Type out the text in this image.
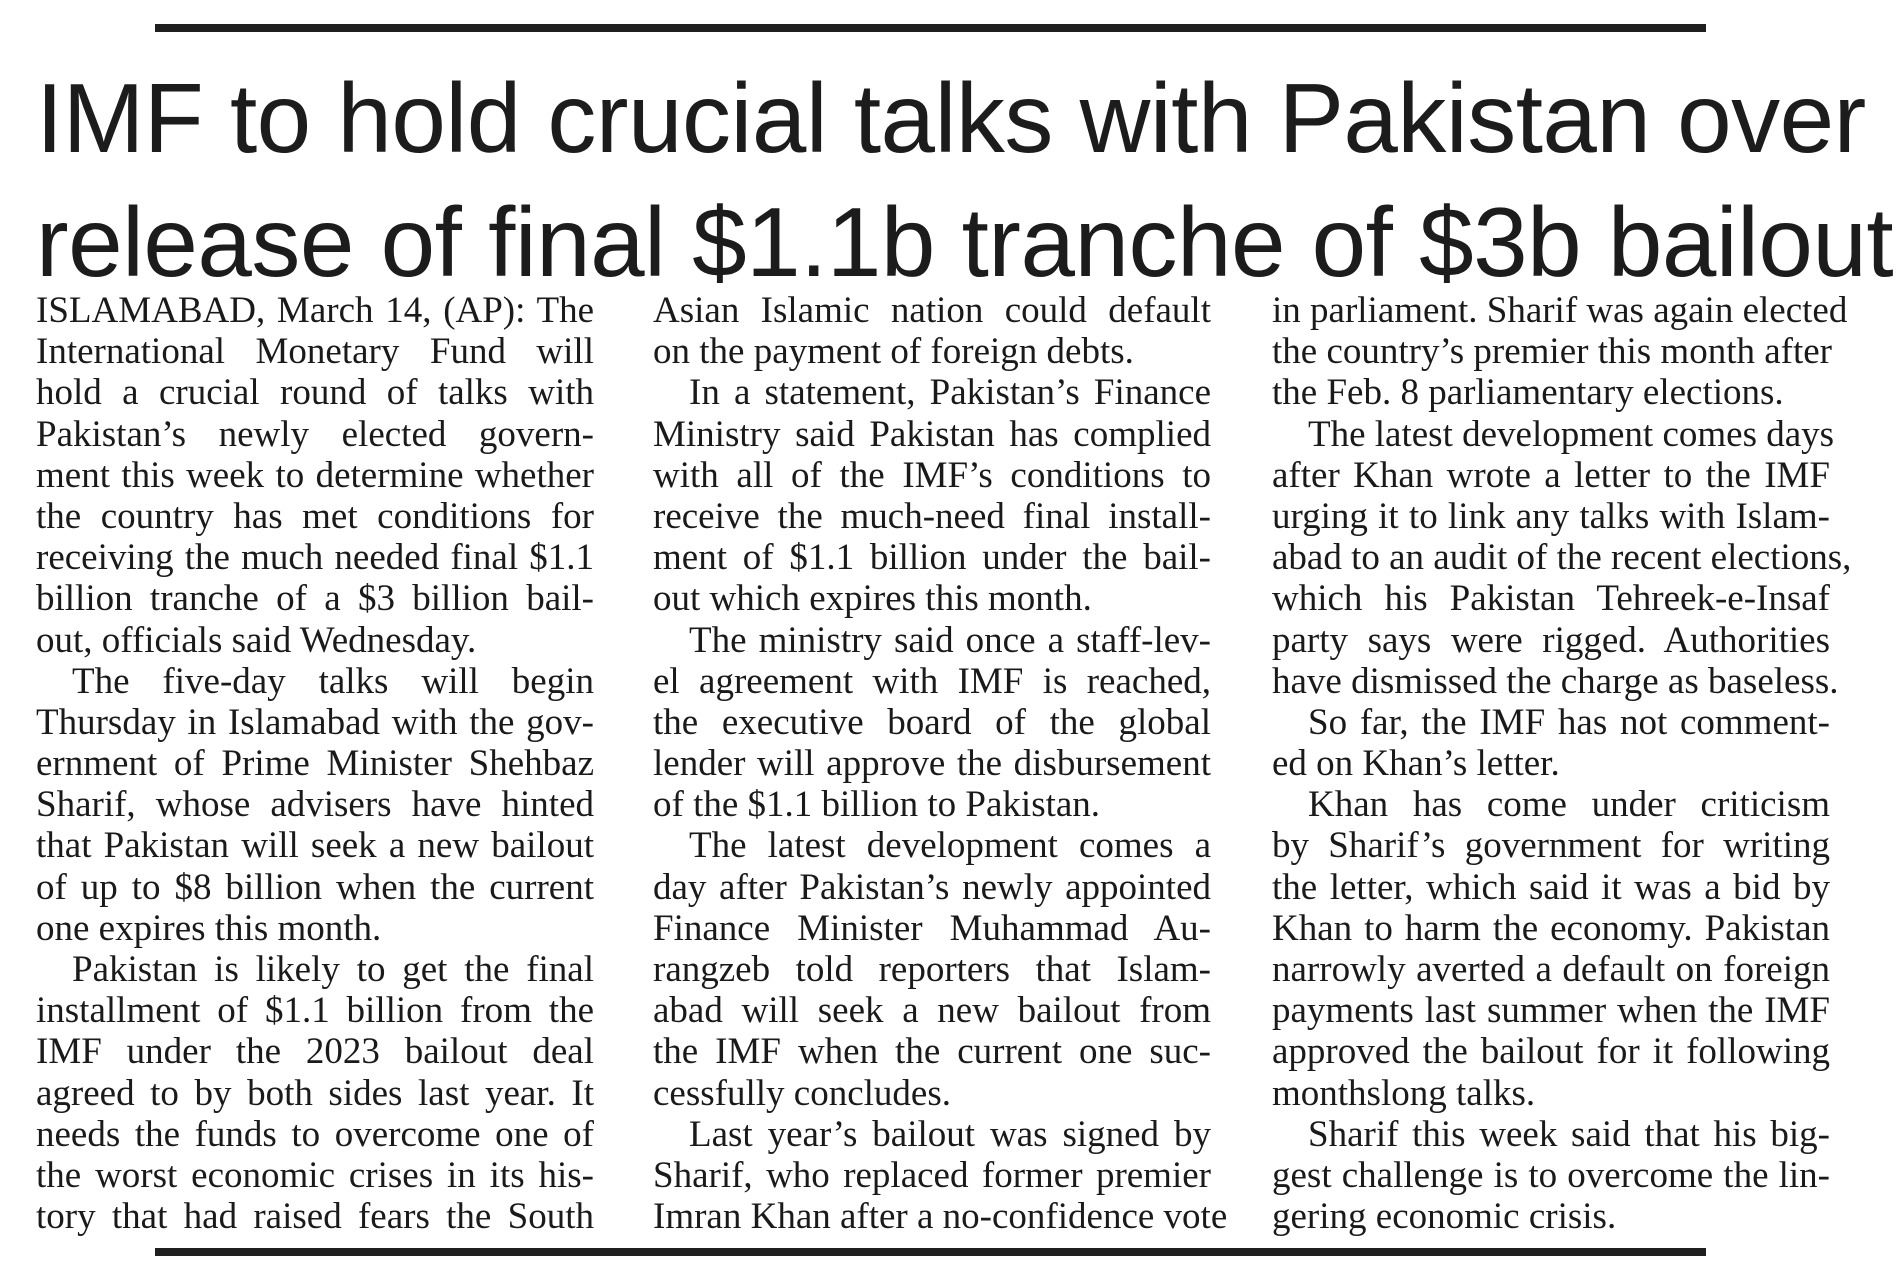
IMF to hold crucial talks with Pakistan over
release of final $1.1b tranche of $3b bailout
ISLAMABAD, March 14, (AP): The
International Monetary Fund will
hold a crucial round of talks with
Pakistan’s newly elected govern-
ment this week to determine whether
the country has met conditions for
receiving the much needed final $1.1
billion tranche of a $3 billion bail-
out, officials said Wednesday.
The five-day talks will begin
Thursday in Islamabad with the gov-
ernment of Prime Minister Shehbaz
Sharif, whose advisers have hinted
that Pakistan will seek a new bailout
of up to $8 billion when the current
one expires this month.
Pakistan is likely to get the final
installment of $1.1 billion from the
IMF under the 2023 bailout deal
agreed to by both sides last year. It
needs the funds to overcome one of
the worst economic crises in its his-
tory that had raised fears the South
Asian Islamic nation could default
on the payment of foreign debts.
In a statement, Pakistan’s Finance
Ministry said Pakistan has complied
with all of the IMF’s conditions to
receive the much-need final install-
ment of $1.1 billion under the bail-
out which expires this month.
The ministry said once a staff-lev-
el agreement with IMF is reached,
the executive board of the global
lender will approve the disbursement
of the $1.1 billion to Pakistan.
The latest development comes a
day after Pakistan’s newly appointed
Finance Minister Muhammad Au-
rangzeb told reporters that Islam-
abad will seek a new bailout from
the IMF when the current one suc-
cessfully concludes.
Last year’s bailout was signed by
Sharif, who replaced former premier
Imran Khan after a no-confidence vote
in parliament. Sharif was again elected
the country’s premier this month after
the Feb. 8 parliamentary elections.
The latest development comes days
after Khan wrote a letter to the IMF
urging it to link any talks with Islam-
abad to an audit of the recent elections,
which his Pakistan Tehreek-e-Insaf
party says were rigged. Authorities
have dismissed the charge as baseless.
So far, the IMF has not comment-
ed on Khan’s letter.
Khan has come under criticism
by Sharif’s government for writing
the letter, which said it was a bid by
Khan to harm the economy. Pakistan
narrowly averted a default on foreign
payments last summer when the IMF
approved the bailout for it following
monthslong talks.
Sharif this week said that his big-
gest challenge is to overcome the lin-
gering economic crisis.
